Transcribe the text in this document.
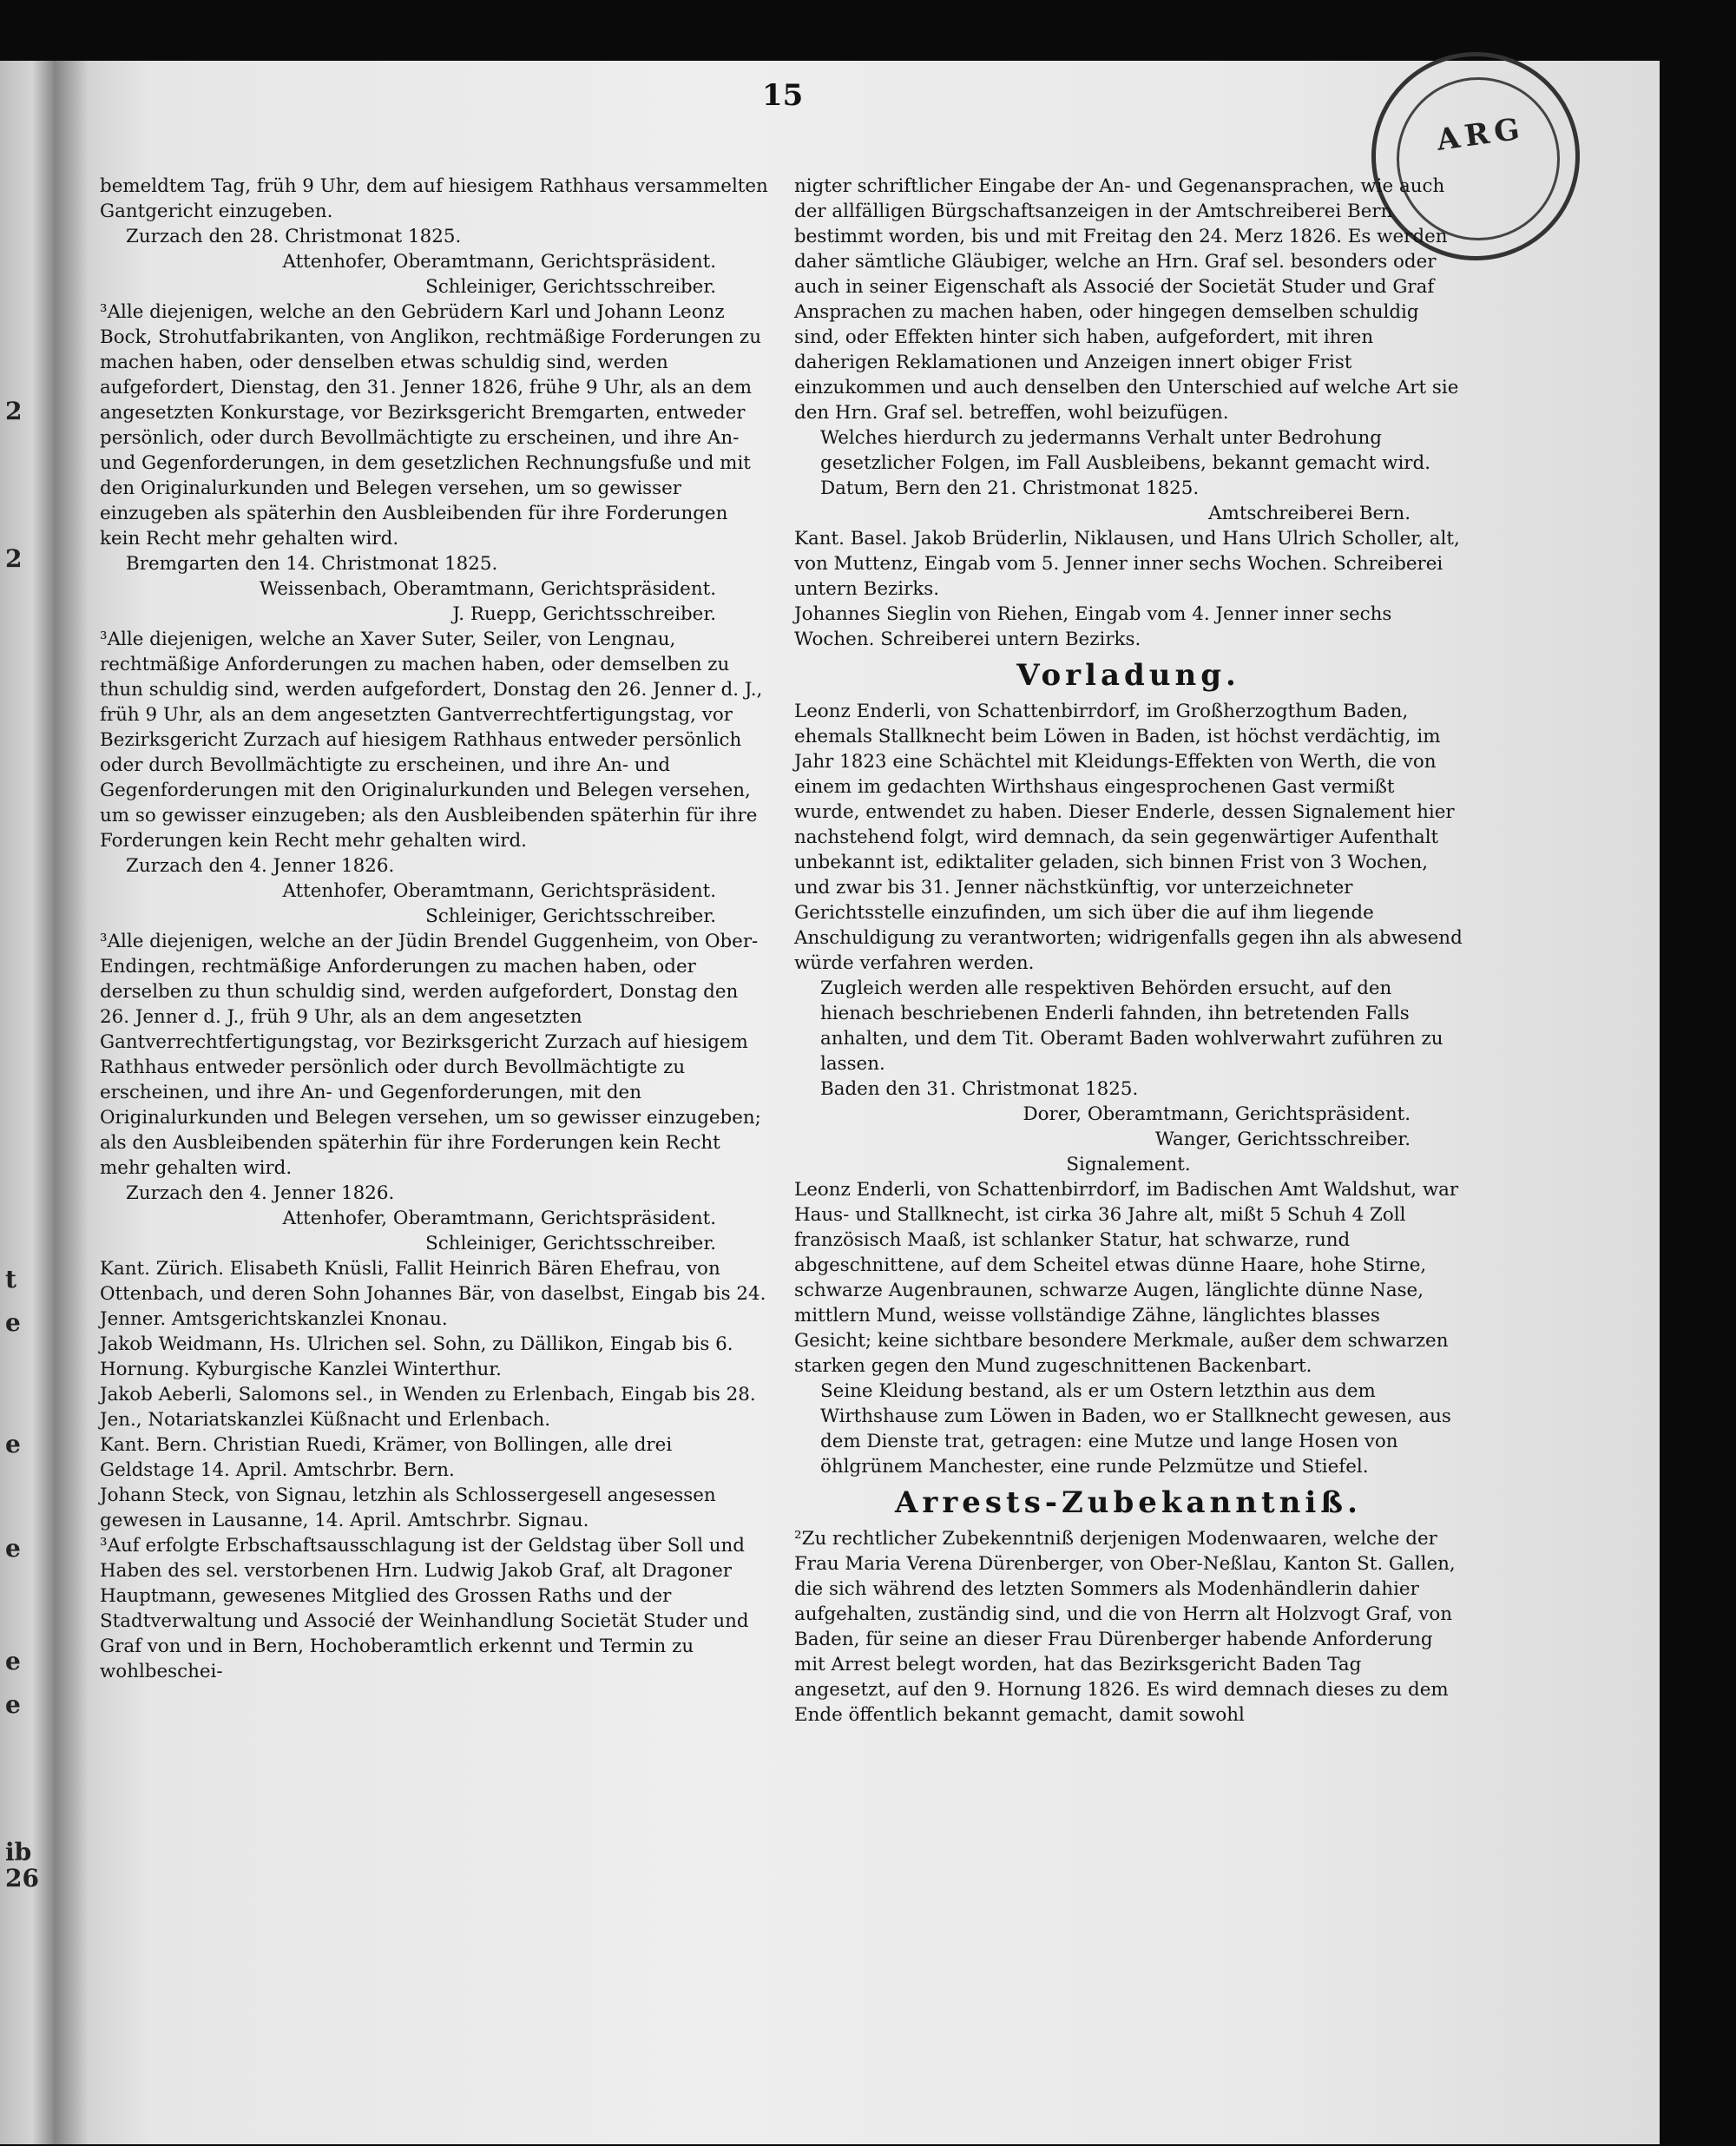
2
2
t
e
e
e
e
e
ib
26
15
ARG

bemeldtem Tag, früh 9 Uhr, dem auf hiesigem Rathhaus versammelten Gantgericht einzugeben.

Zurzach den 28. Christmonat 1825.

Attenhofer, Oberamtmann, Gerichtspräsident.

Schleiniger, Gerichtsschreiber.

³Alle diejenigen, welche an den Gebrüdern Karl und Johann Leonz Bock, Strohutfabrikanten, von Anglikon, rechtmäßige Forderungen zu machen haben, oder denselben etwas schuldig sind, werden aufgefordert, Dienstag, den 31. Jenner 1826, frühe 9 Uhr, als an dem angesetzten Konkurstage, vor Bezirksgericht Bremgarten, entweder persönlich, oder durch Bevollmächtigte zu erscheinen, und ihre An- und Gegenforderungen, in dem gesetzlichen Rechnungsfuße und mit den Originalurkunden und Belegen versehen, um so gewisser einzugeben als späterhin den Ausbleibenden für ihre Forderungen kein Recht mehr gehalten wird.

Bremgarten den 14. Christmonat 1825.

Weissenbach, Oberamtmann, Gerichtspräsident.

J. Ruepp, Gerichtsschreiber.

³Alle diejenigen, welche an Xaver Suter, Seiler, von Lengnau, rechtmäßige Anforderungen zu machen haben, oder demselben zu thun schuldig sind, werden aufgefordert, Donstag den 26. Jenner d. J., früh 9 Uhr, als an dem angesetzten Gantverrechtfertigungstag, vor Bezirksgericht Zurzach auf hiesigem Rathhaus entweder persönlich oder durch Bevollmächtigte zu erscheinen, und ihre An- und Gegenforderungen mit den Originalurkunden und Belegen versehen, um so gewisser einzugeben; als den Ausbleibenden späterhin für ihre Forderungen kein Recht mehr gehalten wird.

Zurzach den 4. Jenner 1826.

Attenhofer, Oberamtmann, Gerichtspräsident.

Schleiniger, Gerichtsschreiber.

³Alle diejenigen, welche an der Jüdin Brendel Guggenheim, von Ober-Endingen, rechtmäßige Anforderungen zu machen haben, oder derselben zu thun schuldig sind, werden aufgefordert, Donstag den 26. Jenner d. J., früh 9 Uhr, als an dem angesetzten Gantverrechtfertigungstag, vor Bezirksgericht Zurzach auf hiesigem Rathhaus entweder persönlich oder durch Bevollmächtigte zu erscheinen, und ihre An- und Gegenforderungen, mit den Originalurkunden und Belegen versehen, um so gewisser einzugeben; als den Ausbleibenden späterhin für ihre Forderungen kein Recht mehr gehalten wird.

Zurzach den 4. Jenner 1826.

Attenhofer, Oberamtmann, Gerichtspräsident.

Schleiniger, Gerichtsschreiber.

Kant. Zürich. Elisabeth Knüsli, Fallit Heinrich Bären Ehefrau, von Ottenbach, und deren Sohn Johannes Bär, von daselbst, Eingab bis 24. Jenner. Amtsgerichtskanzlei Knonau.

Jakob Weidmann, Hs. Ulrichen sel. Sohn, zu Dällikon, Eingab bis 6. Hornung. Kyburgische Kanzlei Winterthur.

Jakob Aeberli, Salomons sel., in Wenden zu Erlenbach, Eingab bis 28. Jen., Notariatskanzlei Küßnacht und Erlenbach.

Kant. Bern. Christian Ruedi, Krämer, von Bollingen, alle drei Geldstage 14. April. Amtschrbr. Bern.

Johann Steck, von Signau, letzhin als Schlossergesell angesessen gewesen in Lausanne, 14. April. Amtschrbr. Signau.

³Auf erfolgte Erbschaftsausschlagung ist der Geldstag über Soll und Haben des sel. verstorbenen Hrn. Ludwig Jakob Graf, alt Dragoner Hauptmann, gewesenes Mitglied des Grossen Raths und der Stadtverwaltung und Associé der Weinhandlung Societät Studer und Graf von und in Bern, Hochoberamtlich erkennt und Termin zu wohlbeschei-

nigter schriftlicher Eingabe der An- und Gegenansprachen, wie auch der allfälligen Bürgschaftsanzeigen in der Amtschreiberei Bern bestimmt worden, bis und mit Freitag den 24. Merz 1826. Es werden daher sämtliche Gläubiger, welche an Hrn. Graf sel. besonders oder auch in seiner Eigenschaft als Associé der Societät Studer und Graf Ansprachen zu machen haben, oder hingegen demselben schuldig sind, oder Effekten hinter sich haben, aufgefordert, mit ihren daherigen Reklamationen und Anzeigen innert obiger Frist einzukommen und auch denselben den Unterschied auf welche Art sie den Hrn. Graf sel. betreffen, wohl beizufügen.

Welches hierdurch zu jedermanns Verhalt unter Bedrohung gesetzlicher Folgen, im Fall Ausbleibens, bekannt gemacht wird.

Datum, Bern den 21. Christmonat 1825.

Amtschreiberei Bern.

Kant. Basel. Jakob Brüderlin, Niklausen, und Hans Ulrich Scholler, alt, von Muttenz, Eingab vom 5. Jenner inner sechs Wochen. Schreiberei untern Bezirks.

Johannes Sieglin von Riehen, Eingab vom 4. Jenner inner sechs Wochen. Schreiberei untern Bezirks.

Vorladung.

Leonz Enderli, von Schattenbirrdorf, im Großherzogthum Baden, ehemals Stallknecht beim Löwen in Baden, ist höchst verdächtig, im Jahr 1823 eine Schächtel mit Kleidungs-Effekten von Werth, die von einem im gedachten Wirthshaus eingesprochenen Gast vermißt wurde, entwendet zu haben. Dieser Enderle, dessen Signalement hier nachstehend folgt, wird demnach, da sein gegenwärtiger Aufenthalt unbekannt ist, ediktaliter geladen, sich binnen Frist von 3 Wochen, und zwar bis 31. Jenner nächstkünftig, vor unterzeichneter Gerichtsstelle einzufinden, um sich über die auf ihm liegende Anschuldigung zu verantworten; widrigenfalls gegen ihn als abwesend würde verfahren werden.

Zugleich werden alle respektiven Behörden ersucht, auf den hienach beschriebenen Enderli fahnden, ihn betretenden Falls anhalten, und dem Tit. Oberamt Baden wohlverwahrt zuführen zu lassen.

Baden den 31. Christmonat 1825.

Dorer, Oberamtmann, Gerichtspräsident.

Wanger, Gerichtsschreiber.

Signalement.

Leonz Enderli, von Schattenbirrdorf, im Badischen Amt Waldshut, war Haus- und Stallknecht, ist cirka 36 Jahre alt, mißt 5 Schuh 4 Zoll französisch Maaß, ist schlanker Statur, hat schwarze, rund abgeschnittene, auf dem Scheitel etwas dünne Haare, hohe Stirne, schwarze Augenbraunen, schwarze Augen, länglichte dünne Nase, mittlern Mund, weisse vollständige Zähne, länglichtes blasses Gesicht; keine sichtbare besondere Merkmale, außer dem schwarzen starken gegen den Mund zugeschnittenen Backenbart.

Seine Kleidung bestand, als er um Ostern letzthin aus dem Wirthshause zum Löwen in Baden, wo er Stallknecht gewesen, aus dem Dienste trat, getragen: eine Mutze und lange Hosen von öhlgrünem Manchester, eine runde Pelzmütze und Stiefel.

Arrests-Zubekanntniß.

²Zu rechtlicher Zubekenntniß derjenigen Modenwaaren, welche der Frau Maria Verena Dürenberger, von Ober-Neßlau, Kanton St. Gallen, die sich während des letzten Sommers als Modenhändlerin dahier aufgehalten, zuständig sind, und die von Herrn alt Holzvogt Graf, von Baden, für seine an dieser Frau Dürenberger habende Anforderung mit Arrest belegt worden, hat das Bezirksgericht Baden Tag angesetzt, auf den 9. Hornung 1826. Es wird demnach dieses zu dem Ende öffentlich bekannt gemacht, damit sowohl
